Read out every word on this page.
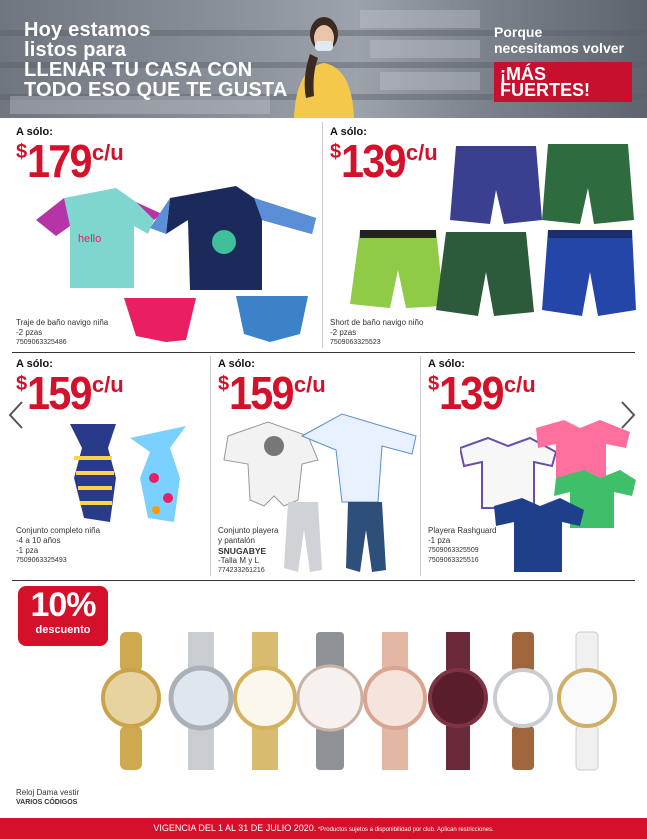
Hoy estamos
listos para
LLENAR TU CASA CON
TODO ESO QUE TE GUSTA
Porque
necesitamos volver
¡MÁS FUERTES!
A sólo:
$ 179 c/u
hello
Traje de baño navigo niña
-2 pzas
7509063325486
A sólo:
$ 139 c/u
Short de baño navigo niño
-2 pzas
7509063325523
A sólo:
$ 159 c/u
Conjunto completo niña
-4 a 10 años
-1 pza
7509063325493
A sólo:
$ 159 c/u
Conjunto playera
y pantalón
SNUGABYE
-Talla M y L
774233261216
A sólo:
$ 139 c/u
Playera Rashguard
-1 pza
7509063325509
7509063325516
10%
descuento
Reloj Dama vestir
VARIOS CÓDIGOS
VIGENCIA DEL 1 AL 31 DE JULIO 2020. *Productos sujetos a disponibilidad por club. Aplican restricciones.
